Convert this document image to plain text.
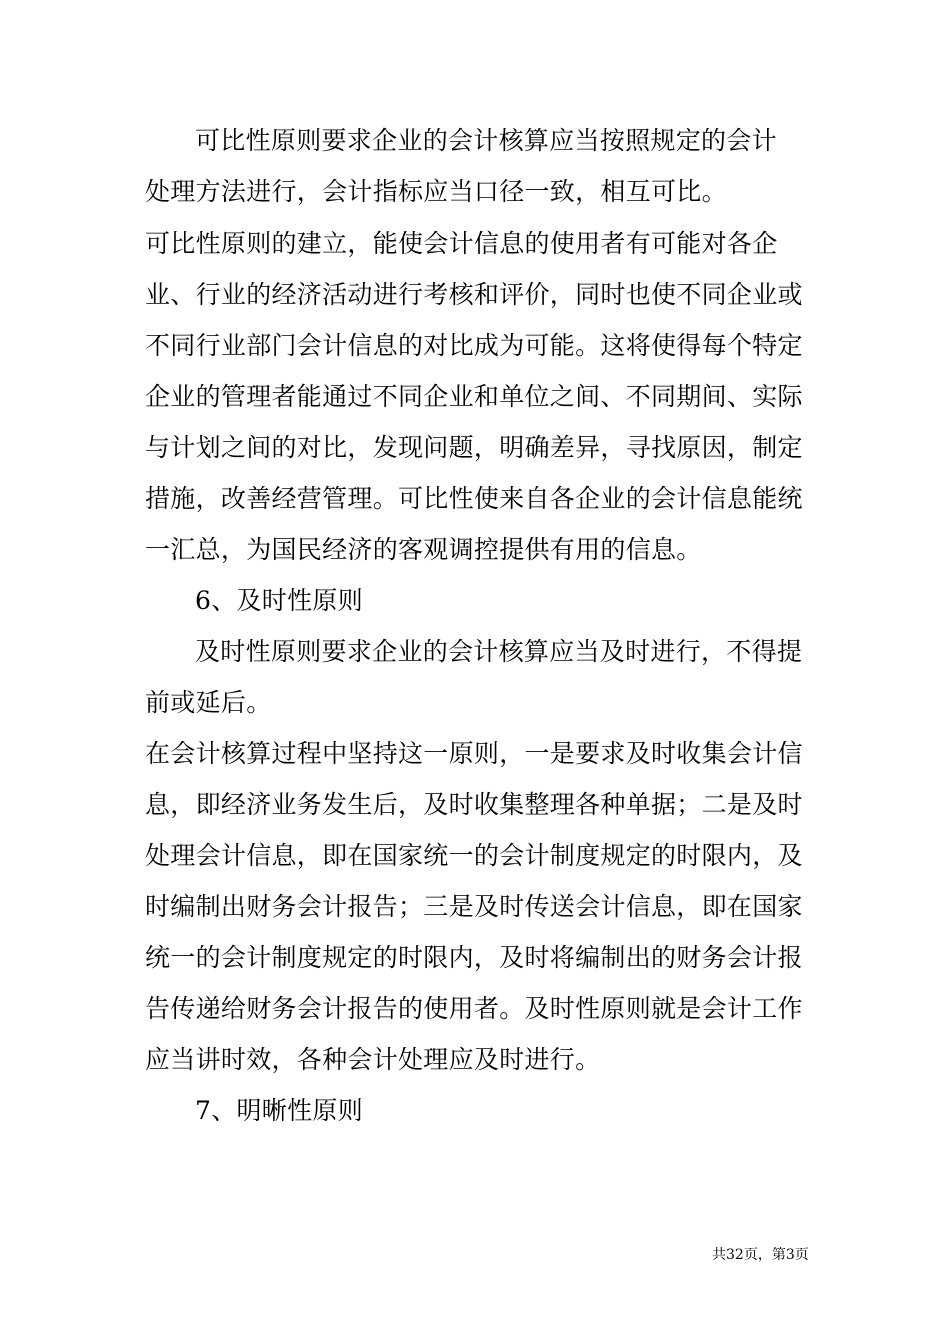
可比性原则要求企业的会计核算应当按照规定的会计
处理方法进行，会计指标应当口径一致，相互可比。
可比性原则的建立，能使会计信息的使用者有可能对各企
业、行业的经济活动进行考核和评价，同时也使不同企业或
不同行业部门会计信息的对比成为可能。这将使得每个特定
企业的管理者能通过不同企业和单位之间、不同期间、实际
与计划之间的对比，发现问题，明确差异，寻找原因，制定
措施，改善经营管理。可比性使来自各企业的会计信息能统
一汇总，为国民经济的客观调控提供有用的信息。
6、及时性原则
及时性原则要求企业的会计核算应当及时进行，不得提
前或延后。
在会计核算过程中坚持这一原则，一是要求及时收集会计信
息，即经济业务发生后，及时收集整理各种单据；二是及时
处理会计信息，即在国家统一的会计制度规定的时限内，及
时编制出财务会计报告；三是及时传送会计信息，即在国家
统一的会计制度规定的时限内，及时将编制出的财务会计报
告传递给财务会计报告的使用者。及时性原则就是会计工作
应当讲时效，各种会计处理应及时进行。
7、明晰性原则
共32页，第3页
